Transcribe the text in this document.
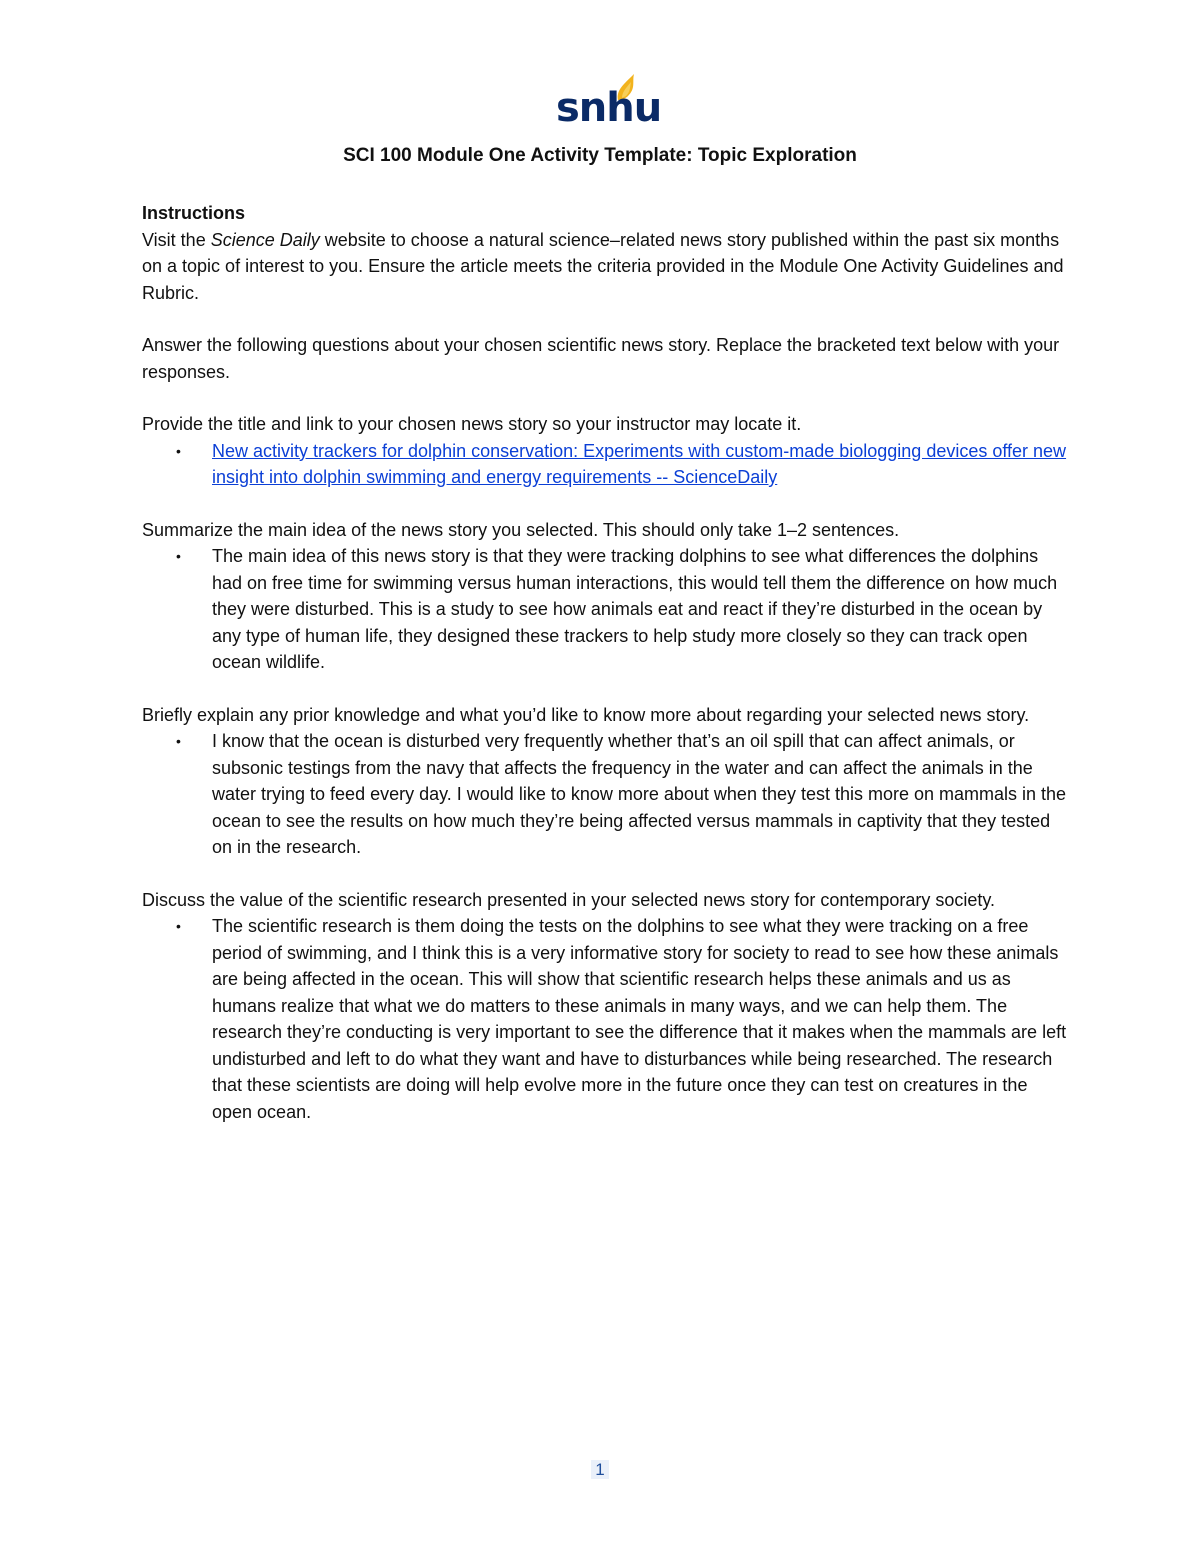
snhu
SCI 100 Module One Activity Template: Topic Exploration

Instructions

Visit the Science Daily website to choose a natural science–related news story published within the past six months on a topic of interest to you. Ensure the article meets the criteria provided in the Module One Activity Guidelines and Rubric.

Answer the following questions about your chosen scientific news story. Replace the bracketed text below with your responses.

Provide the title and link to your chosen news story so your instructor may locate it.

• New activity trackers for dolphin conservation: Experiments with custom-made biologging devices offer new insight into dolphin swimming and energy requirements -- ScienceDaily

Summarize the main idea of the news story you selected. This should only take 1–2 sentences.

• The main idea of this news story is that they were tracking dolphins to see what differences the dolphins had on free time for swimming versus human interactions, this would tell them the difference on how much they were disturbed. This is a study to see how animals eat and react if they’re disturbed in the ocean by any type of human life, they designed these trackers to help study more closely so they can track open ocean wildlife.

Briefly explain any prior knowledge and what you’d like to know more about regarding your selected news story.

• I know that the ocean is disturbed very frequently whether that’s an oil spill that can affect animals, or subsonic testings from the navy that affects the frequency in the water and can affect the animals in the water trying to feed every day. I would like to know more about when they test this more on mammals in the ocean to see the results on how much they’re being affected versus mammals in captivity that they tested on in the research.

Discuss the value of the scientific research presented in your selected news story for contemporary society.

• The scientific research is them doing the tests on the dolphins to see what they were tracking on a free period of swimming, and I think this is a very informative story for society to read to see how these animals are being affected in the ocean. This will show that scientific research helps these animals and us as humans realize that what we do matters to these animals in many ways, and we can help them. The research they’re conducting is very important to see the difference that it makes when the mammals are left undisturbed and left to do what they want and have to disturbances while being researched. The research that these scientists are doing will help evolve more in the future once they can test on creatures in the open ocean.
1
